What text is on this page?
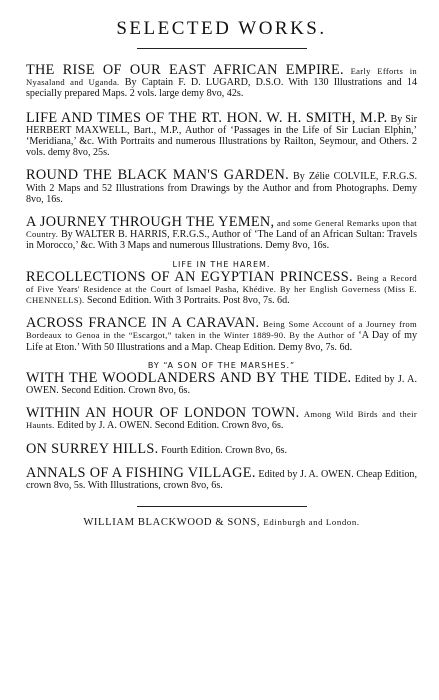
SELECTED WORKS.

THE RISE OF OUR EAST AFRICAN EMPIRE. Early Efforts in Nyasaland and Uganda. By Captain F. D. LUGARD, D.S.O. With 130 Illustrations and 14 specially prepared Maps. 2 vols. large demy 8vo, 42s.

LIFE AND TIMES OF THE RT. HON. W. H. SMITH, M.P. By Sir HERBERT MAXWELL, Bart., M.P., Author of ‘Passages in the Life of Sir Lucian Elphin,’ ‘Meridiana,’ &c. With Portraits and numerous Illustrations by Railton, Seymour, and Others. 2 vols. demy 8vo, 25s.

ROUND THE BLACK MAN'S GARDEN. By Zélie COLVILE, F.R.G.S. With 2 Maps and 52 Illustrations from Drawings by the Author and from Photographs. Demy 8vo, 16s.

A JOURNEY THROUGH THE YEMEN, and some General Remarks upon that Country. By WALTER B. HARRIS, F.R.G.S., Author of ‘The Land of an African Sultan: Travels in Morocco,’ &c. With 3 Maps and numerous Illustrations. Demy 8vo, 16s.

LIFE IN THE HAREM.

RECOLLECTIONS OF AN EGYPTIAN PRINCESS. Being a Record of Five Years' Residence at the Court of Ismael Pasha, Khédive. By her English Governess (Miss E. CHENNELLS). Second Edition. With 3 Portraits. Post 8vo, 7s. 6d.

ACROSS FRANCE IN A CARAVAN. Being Some Account of a Journey from Bordeaux to Genoa in the “Escargot,” taken in the Winter 1889-90. By the Author of ‘A Day of my Life at Eton.’ With 50 Illustrations and a Map. Cheap Edition. Demy 8vo, 7s. 6d.

BY “A SON OF THE MARSHES.”

WITH THE WOODLANDERS AND BY THE TIDE. Edited by J. A. OWEN. Second Edition. Crown 8vo, 6s.

WITHIN AN HOUR OF LONDON TOWN. Among Wild Birds and their Haunts. Edited by J. A. OWEN. Second Edition. Crown 8vo, 6s.

ON SURREY HILLS. Fourth Edition. Crown 8vo, 6s.

ANNALS OF A FISHING VILLAGE. Edited by J. A. OWEN. Cheap Edition, crown 8vo, 5s. With Illustrations, crown 8vo, 6s.

WILLIAM BLACKWOOD & SONS, Edinburgh and London.
